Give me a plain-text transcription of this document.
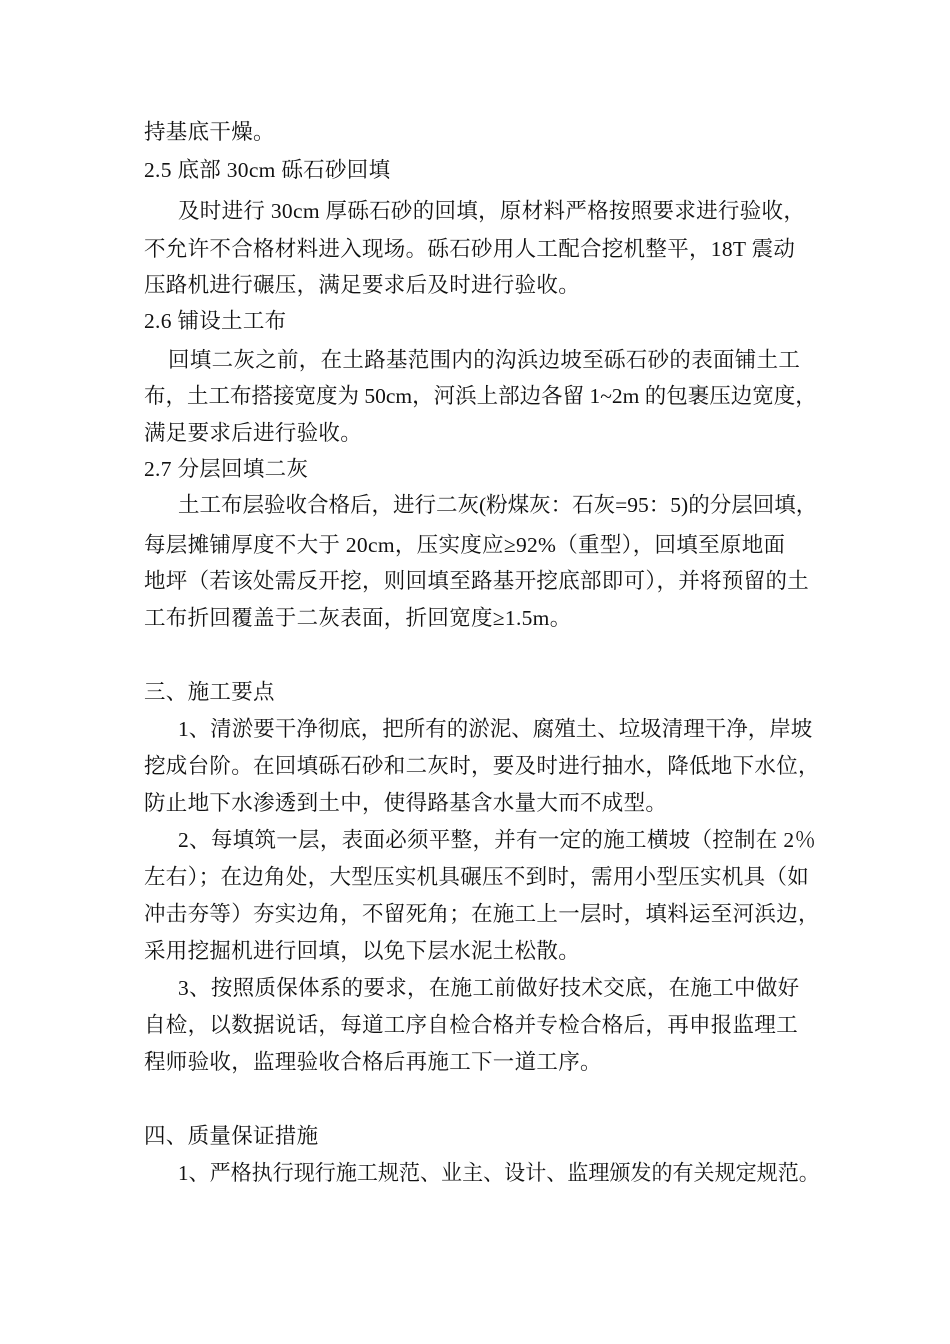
持基底干燥。
2.5 底部 30cm 砾石砂回填
及时进行 30cm 厚砾石砂的回填，原材料严格按照要求进行验收，
不允许不合格材料进入现场。砾石砂用人工配合挖机整平，18T 震动
压路机进行碾压，满足要求后及时进行验收。
2.6 铺设土工布
回填二灰之前，在土路基范围内的沟浜边坡至砾石砂的表面铺土工
布，土工布搭接宽度为 50cm，河浜上部边各留 1~2m 的包裹压边宽度，
满足要求后进行验收。
2.7 分层回填二灰
土工布层验收合格后，进行二灰(粉煤灰：石灰=95：5)的分层回填，
每层摊铺厚度不大于 20cm，压实度应≥92%（重型），回填至原地面
地坪（若该处需反开挖，则回填至路基开挖底部即可），并将预留的土
工布折回覆盖于二灰表面，折回宽度≥1.5m。
三、施工要点
1、清淤要干净彻底，把所有的淤泥、腐殖土、垃圾清理干净，岸坡
挖成台阶。在回填砾石砂和二灰时，要及时进行抽水，降低地下水位，
防止地下水渗透到土中，使得路基含水量大而不成型。
2、每填筑一层，表面必须平整，并有一定的施工横坡（控制在 2％
左右）；在边角处，大型压实机具碾压不到时，需用小型压实机具（如
冲击夯等）夯实边角，不留死角；在施工上一层时，填料运至河浜边，
采用挖掘机进行回填，以免下层水泥土松散。
3、按照质保体系的要求，在施工前做好技术交底，在施工中做好
自检，以数据说话，每道工序自检合格并专检合格后，再申报监理工
程师验收，监理验收合格后再施工下一道工序。
四、质量保证措施
1、严格执行现行施工规范、业主、设计、监理颁发的有关规定规范。
